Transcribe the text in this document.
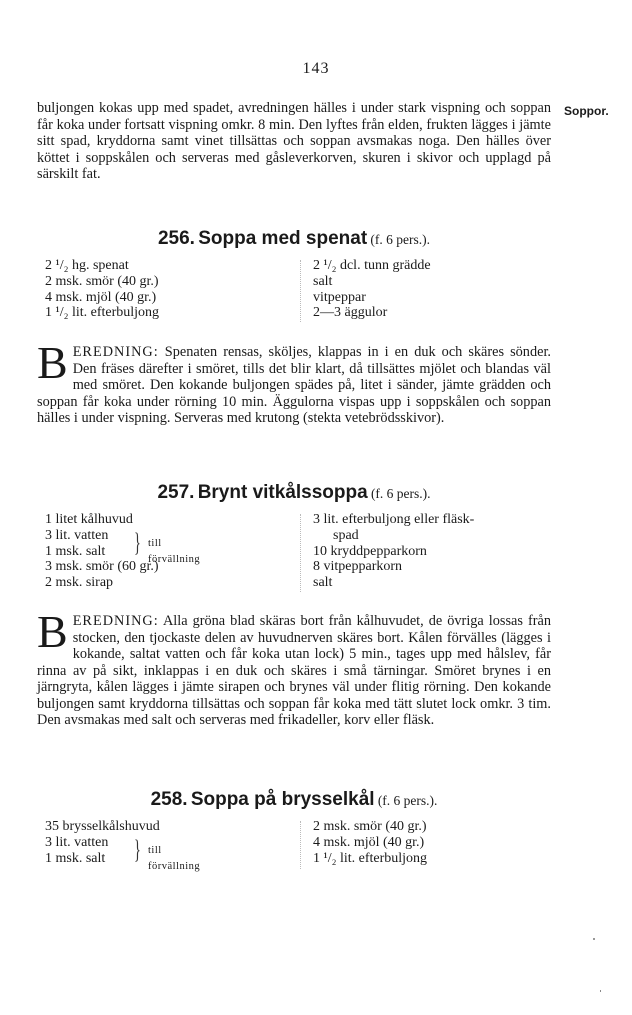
143
Soppor.

buljongen kokas upp med spadet, avredningen hälles i under stark vispning och soppan får koka under fortsatt vispning omkr. 8 min. Den lyftes från elden, frukten lägges i jämte sitt spad, kryddorna samt vinet tillsättas och soppan avsmakas noga. Den hälles över köttet i soppskålen och serveras med gåsleverkorven, skuren i skivor och upplagd på särskilt fat.

256. Soppa med spenat (f. 6 pers.).
2 ¹/₂ hg. spenat
2 msk. smör (40 gr.)
4 msk. mjöl (40 gr.)
1 ¹/₂ lit. efterbuljong
2 ¹/₂ dcl. tunn grädde
salt
vitpeppar
2—3 äggulor

BEREDNING: Spenaten rensas, sköljes, klappas in i en duk och skäres sönder. Den fräses därefter i smöret, tills det blir klart, då tillsättes mjölet och blandas väl med smöret. Den kokande buljongen spädes på, litet i sänder, jämte grädden och soppan får koka under rörning 10 min. Äggulorna vispas upp i soppskålen och soppan hälles i under vispning. Serveras med krutong (stekta vetebrödsskivor).

257. Brynt vitkålssoppa (f. 6 pers.).
1 litet kålhuvud
3 lit. vatten
1 msk. salt	} till förvällning
3 msk. smör (60 gr.)
2 msk. sirap
3 lit. efterbuljong eller fläsk-
spad
10 kryddpepparkorn
8 vitpepparkorn
salt

BEREDNING: Alla gröna blad skäras bort från kålhuvudet, de övriga lossas från stocken, den tjockaste delen av huvudnerven skäres bort. Kålen förvälles (lägges i kokande, saltat vatten och får koka utan lock) 5 min., tages upp med hålslev, får rinna av på sikt, inklappas i en duk och skäres i små tärningar. Smöret brynes i en järngryta, kålen lägges i jämte sirapen och brynes väl under flitig rörning. Den kokande buljongen samt kryddorna tillsättas och soppan får koka med tätt slutet lock omkr. 3 tim. Den avsmakas med salt och serveras med frikadeller, korv eller fläsk.

258. Soppa på brysselkål (f. 6 pers.).
35 brysselkålshuvud
3 lit. vatten
1 msk. salt	} till förvällning
2 msk. smör (40 gr.)
4 msk. mjöl (40 gr.)
1 ¹/₂ lit. efterbuljong
